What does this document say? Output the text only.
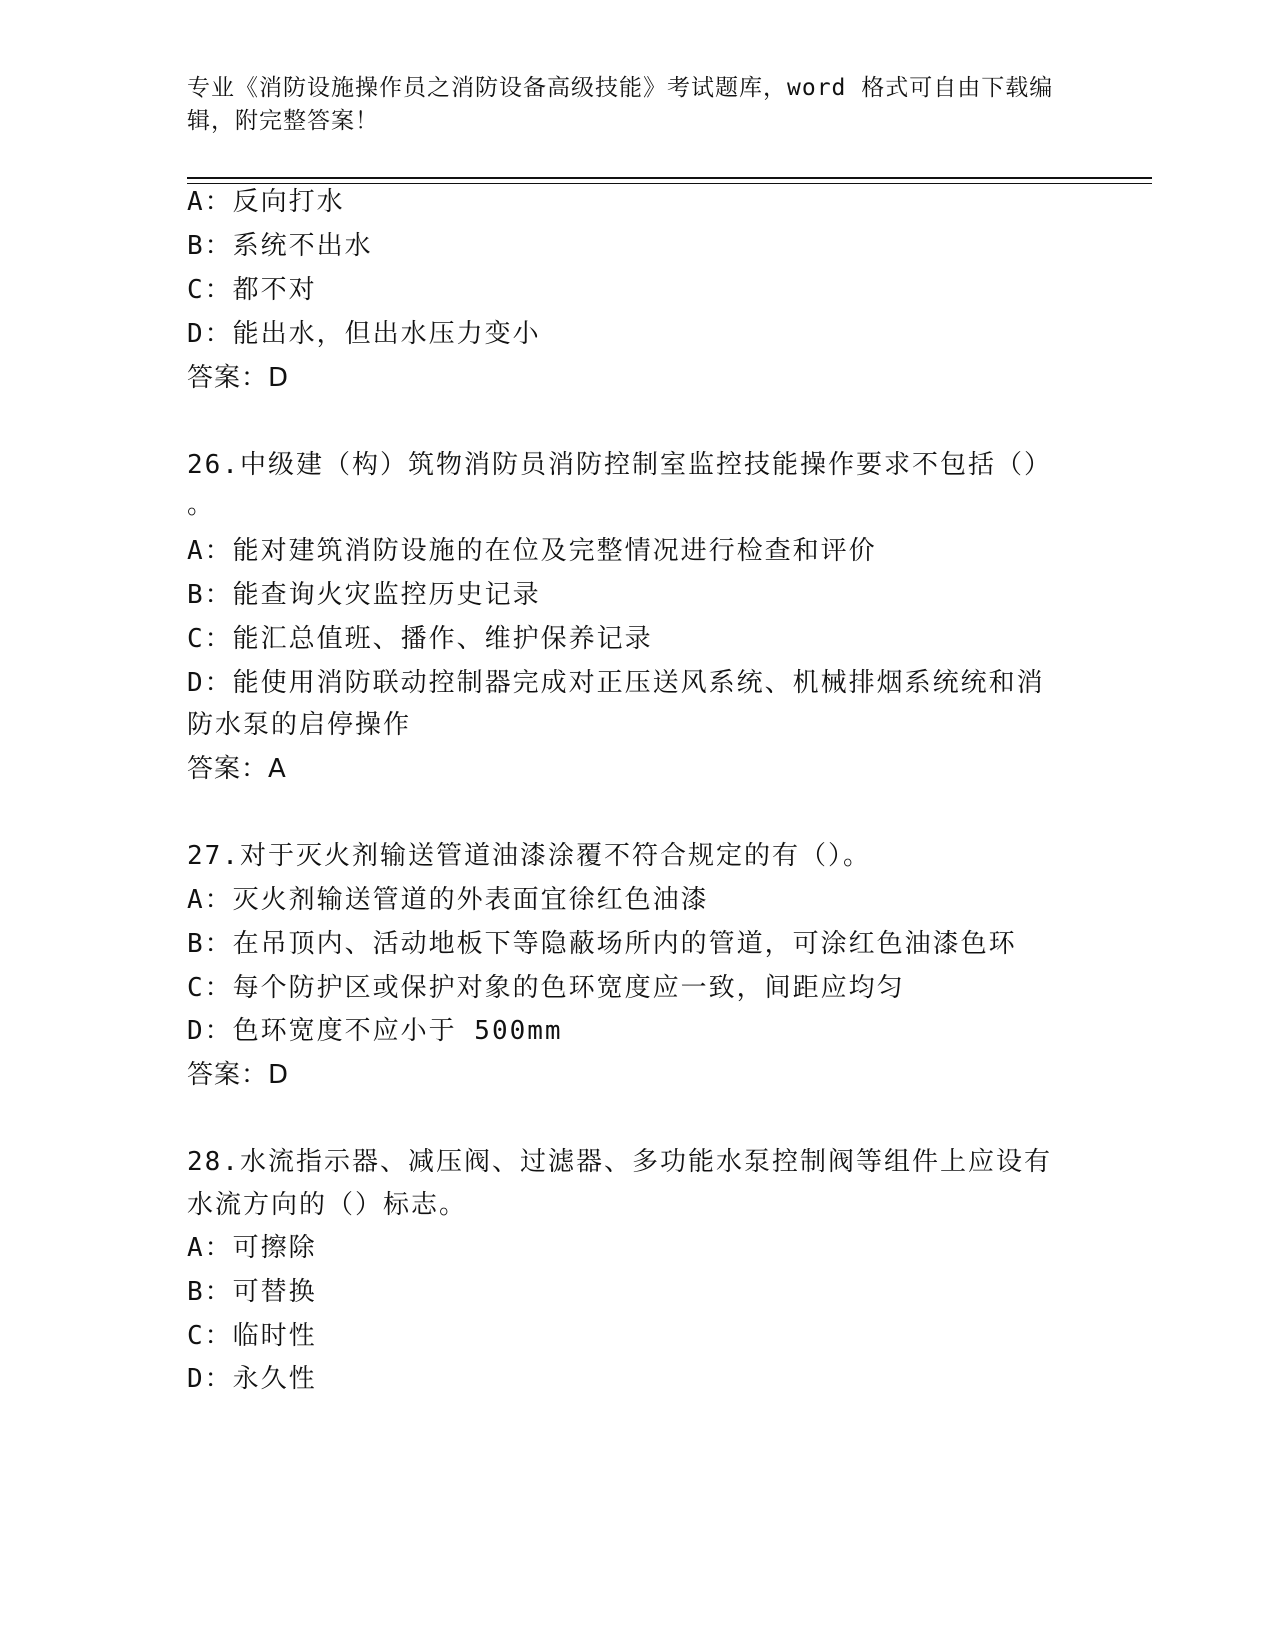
专业《消防设施操作员之消防设备高级技能》考试题库，word 格式可自由下载编
辑，附完整答案！
A：反向打水
B：系统不出水
C：都不对
D：能出水，但出水压力变小
答案：D
26.中级建（构）筑物消防员消防控制室监控技能操作要求不包括（）
。
A：能对建筑消防设施的在位及完整情况进行检查和评价
B：能查询火灾监控历史记录
C：能汇总值班、播作、维护保养记录
D：能使用消防联动控制器完成对正压送风系统、机械排烟系统统和消
防水泵的启停操作
答案：A
27.对于灭火剂输送管道油漆涂覆不符合规定的有（）。
A：灭火剂输送管道的外表面宜徐红色油漆
B：在吊顶内、活动地板下等隐蔽场所内的管道，可涂红色油漆色环
C：每个防护区或保护对象的色环宽度应一致，间距应均匀
D：色环宽度不应小于 500mm
答案：D
28.水流指示器、减压阀、过滤器、多功能水泵控制阀等组件上应设有
水流方向的（）标志。
A：可擦除
B：可替换
C：临时性
D：永久性
